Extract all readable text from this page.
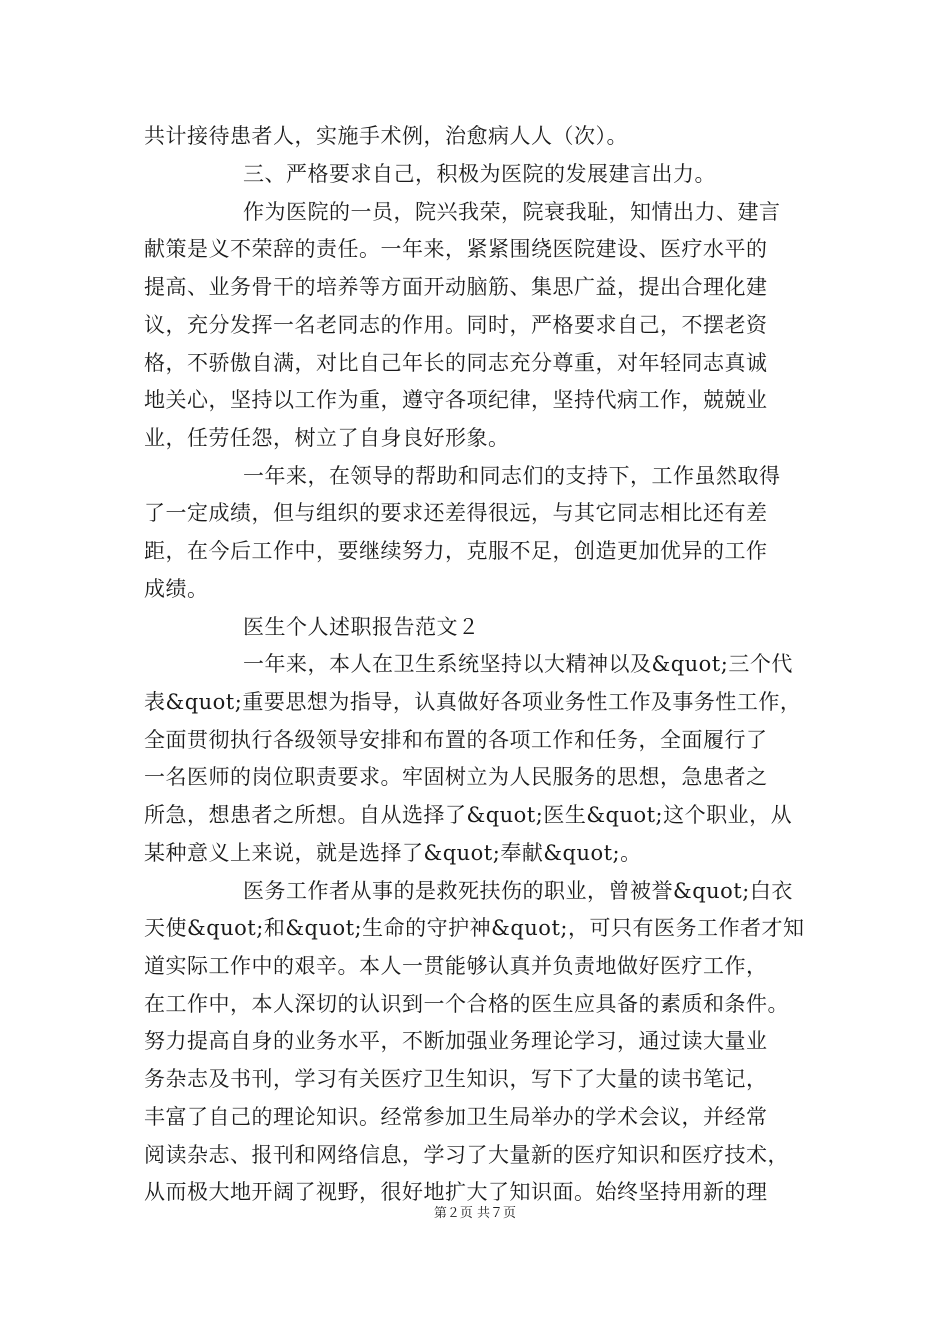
共计接待患者人，实施手术例，治愈病人人（次）。
三、严格要求自己，积极为医院的发展建言出力。
作为医院的一员，院兴我荣，院衰我耻，知情出力、建言
献策是义不荣辞的责任。一年来，紧紧围绕医院建设、医疗水平的
提高、业务骨干的培养等方面开动脑筋、集思广益，提出合理化建
议，充分发挥一名老同志的作用。同时，严格要求自己，不摆老资
格，不骄傲自满，对比自己年长的同志充分尊重，对年轻同志真诚
地关心，坚持以工作为重，遵守各项纪律，坚持代病工作，兢兢业
业，任劳任怨，树立了自身良好形象。
一年来，在领导的帮助和同志们的支持下，工作虽然取得
了一定成绩，但与组织的要求还差得很远，与其它同志相比还有差
距，在今后工作中，要继续努力，克服不足，创造更加优异的工作
成绩。
医生个人述职报告范文２
一年来，本人在卫生系统坚持以大精神以及&quot;三个代
表&quot;重要思想为指导，认真做好各项业务性工作及事务性工作，
全面贯彻执行各级领导安排和布置的各项工作和任务，全面履行了
一名医师的岗位职责要求。牢固树立为人民服务的思想，急患者之
所急，想患者之所想。自从选择了&quot;医生&quot;这个职业，从
某种意义上来说，就是选择了&quot;奉献&quot;。
医务工作者从事的是救死扶伤的职业，曾被誉&quot;白衣
天使&quot;和&quot;生命的守护神&quot;，可只有医务工作者才知
道实际工作中的艰辛。本人一贯能够认真并负责地做好医疗工作，
在工作中，本人深切的认识到一个合格的医生应具备的素质和条件。
努力提高自身的业务水平，不断加强业务理论学习，通过读大量业
务杂志及书刊，学习有关医疗卫生知识，写下了大量的读书笔记，
丰富了自己的理论知识。经常参加卫生局举办的学术会议，并经常
阅读杂志、报刊和网络信息，学习了大量新的医疗知识和医疗技术，
从而极大地开阔了视野，很好地扩大了知识面。始终坚持用新的理
第２页 共７页
